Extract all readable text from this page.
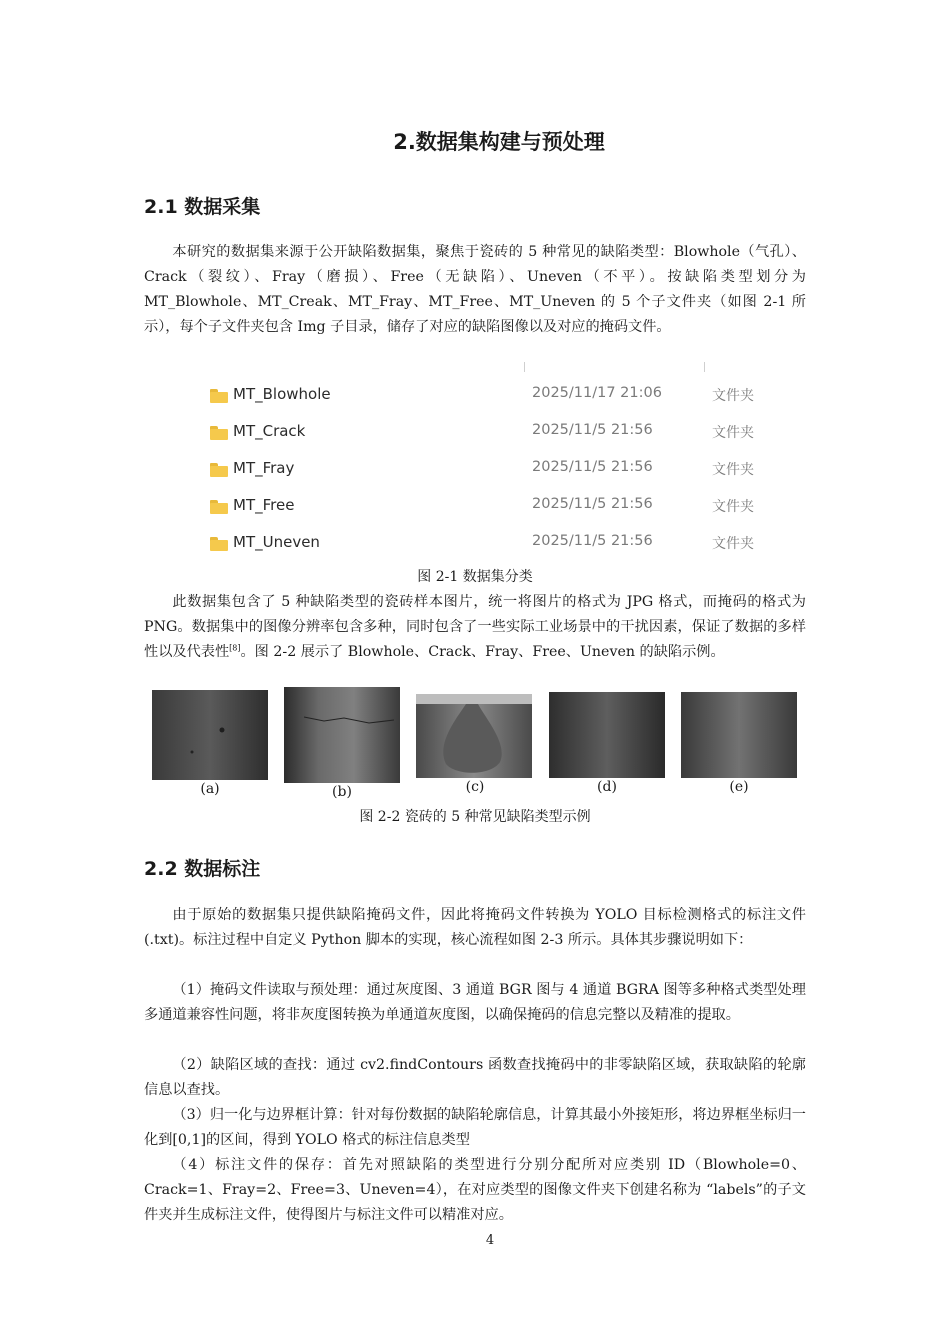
2.数据集构建与预处理
2.1 数据采集

本研究的数据集来源于公开缺陷数据集，聚焦于瓷砖的 5 种常见的缺陷类型：Blowhole（气孔）、Crack（裂纹）、Fray（磨损）、Free（无缺陷）、Uneven（不平）。按缺陷类型划分为 MT_Blowhole、MT_Creak、MT_Fray、MT_Free、MT_Uneven 的 5 个子文件夹（如图 2-1 所示），每个子文件夹包含 Img 子目录，储存了对应的缺陷图像以及对应的掩码文件。

MT_Blowhole	2025/11/17 21:06	文件夹
MT_Crack	2025/11/5 21:56	文件夹
MT_Fray	2025/11/5 21:56	文件夹
MT_Free	2025/11/5 21:56	文件夹
MT_Uneven	2025/11/5 21:56	文件夹
图 2-1 数据集分类

此数据集包含了 5 种缺陷类型的瓷砖样本图片，统一将图片的格式为 JPG 格式，而掩码的格式为 PNG。数据集中的图像分辨率包含多种，同时包含了一些实际工业场景中的干扰因素，保证了数据的多样性以及代表性[8]。图 2-2 展示了 Blowhole、Crack、Fray、Free、Uneven 的缺陷示例。

(a)	(b)	(c)	(d)	(e)
图 2-2 瓷砖的 5 种常见缺陷类型示例
2.2 数据标注

由于原始的数据集只提供缺陷掩码文件，因此将掩码文件转换为 YOLO 目标检测格式的标注文件(.txt)。标注过程中自定义 Python 脚本的实现，核心流程如图 2-3 所示。具体其步骤说明如下：

（1）掩码文件读取与预处理：通过灰度图、3 通道 BGR 图与 4 通道 BGRA 图等多种格式类型处理多通道兼容性问题，将非灰度图转换为单通道灰度图，以确保掩码的信息完整以及精准的提取。

（2）缺陷区域的查找：通过 cv2.findContours 函数查找掩码中的非零缺陷区域，获取缺陷的轮廓信息以查找。

（3）归一化与边界框计算：针对每份数据的缺陷轮廓信息，计算其最小外接矩形，将边界框坐标归一化到[0,1]的区间，得到 YOLO 格式的标注信息类型

（4）标注文件的保存：首先对照缺陷的类型进行分别分配所对应类别 ID（Blowhole=0、Crack=1、Fray=2、Free=3、Uneven=4），在对应类型的图像文件夹下创建名称为 “labels”的子文件夹并生成标注文件，使得图片与标注文件可以精准对应。

4
